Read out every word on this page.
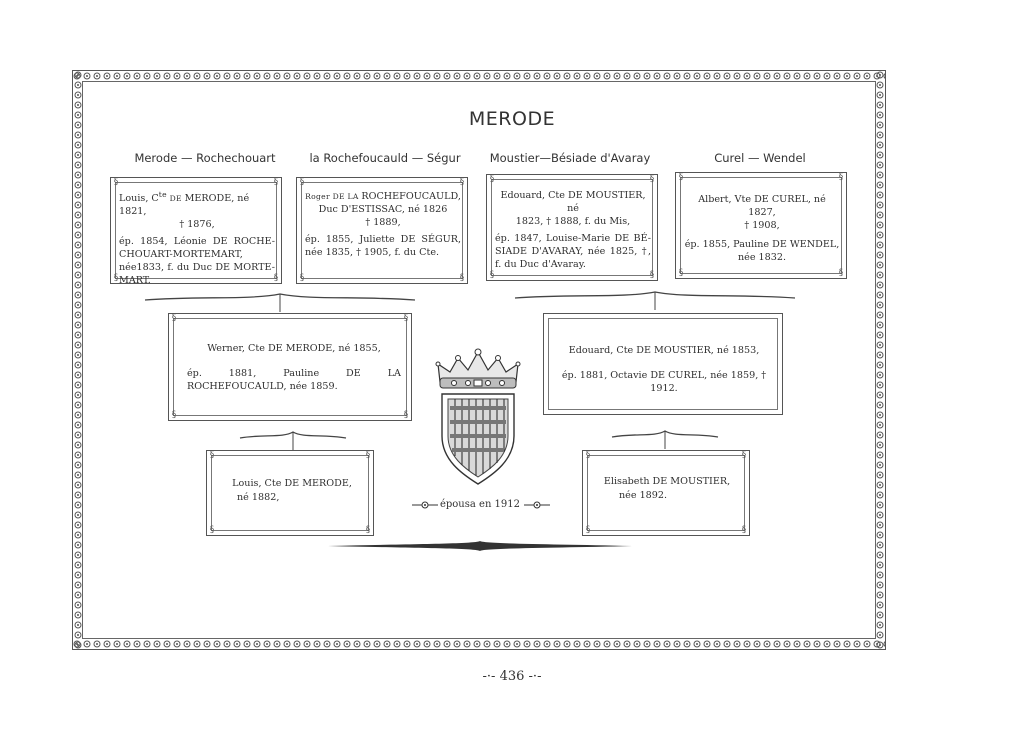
MERODE
Merode — Rochechouart	la Rochefoucauld — Ségur	Moustier—Bésiade d'Avaray	Curel — Wendel
§	§
§	§

Louis, $C^{te}$ DE MERODE, né 1821,

† 1876,

ép. 1854, Léonie DE ROCHE-CHOUART-MORTEMART, née1833, f. du Duc DE MORTE-MART.

§	§
§	§

Roger DE LA ROCHEFOUCAULD,

Duc D'ESTISSAC, né 1826

† 1889,

ép. 1855, Juliette DE SÉGUR, née 1835, † 1905, f. du Cte.

§	§
§	§

Edouard, Cte DE MOUSTIER, né

1823, † 1888, f. du Mis,

ép. 1847, Louise-Marie DE BÉ-SIADE D'AVARAY, née 1825, †, f. du Duc d'Avaray.

§	§
§	§

Albert, Vte DE CUREL, né 1827,

† 1908,

ép. 1855, Pauline DE WENDEL, née 1832.

§	§
§	§

Werner, Cte DE MERODE, né 1855,

ép. 1881, Pauline DE LA ROCHEFOUCAULD, née 1859.

Edouard, Cte DE MOUSTIER, né 1853,

ép. 1881, Octavie DE CUREL, née 1859, † 1912.

§	§
§	§

Louis, Cte DE MERODE,

né 1882,

§	§
§	§

Elisabeth DE MOUSTIER,

née 1892.

épousa en 1912
-·- 436 -·-
